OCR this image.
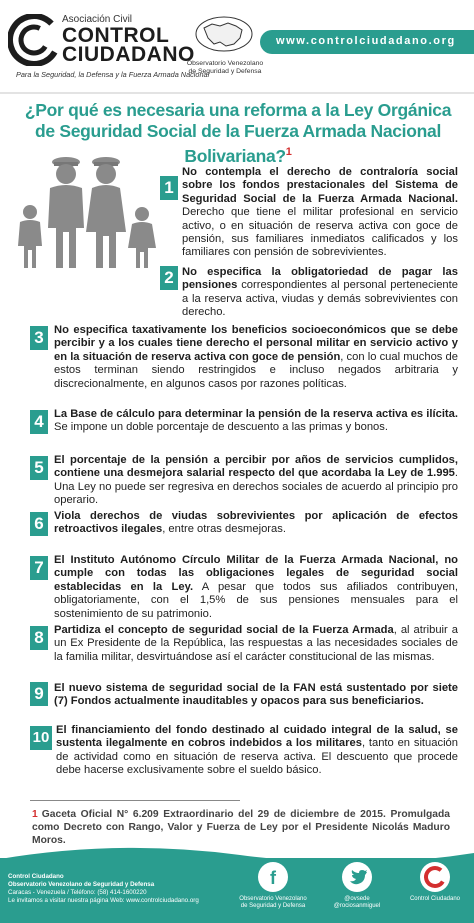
Asociación Civil
CONTROL
CIUDADANO
Para la Seguridad, la Defensa y la Fuerza Armada Nacional
Observatorio Venezolano
de Seguridad y Defensa
www.controlciudadano.org
¿Por qué es necesaria una reforma a la Ley Orgánica
de Seguridad Social de la Fuerza Armada Nacional Bolivariana?$^1$
1
No contempla el derecho de contraloría social sobre los fondos prestacionales del Sistema de Seguridad Social de la Fuerza Armada Nacional. Derecho que tiene el militar profesional en servicio activo, o en situación de reserva activa con goce de pensión, sus familiares inmediatos calificados y los familiares con pensión de sobrevivientes.
2 No especifica la obligatoriedad de pagar las pensiones correspondientes al personal perteneciente a la reserva activa, viudas y demás sobrevivientes con derecho.
3 No especifica taxativamente los beneficios socioeconómicos que se debe percibir y a los cuales tiene derecho el personal militar en servicio activo y en la situación de reserva activa con goce de pensión, con lo cual muchos de estos terminan siendo restringidos e incluso negados arbitraria y discrecionalmente, en algunos casos por razones políticas.
4 La Base de cálculo para determinar la pensión de la reserva activa es ilícita. Se impone un doble porcentaje de descuento a las primas y bonos.
5 El porcentaje de la pensión a percibir por años de servicios cumplidos, contiene una desmejora salarial respecto del que acordaba la Ley de 1.995. Una Ley no puede ser regresiva en derechos sociales de acuerdo al principio pro operario.
6 Viola derechos de viudas sobrevivientes por aplicación de efectos retroactivos ilegales, entre otras desmejoras.
7 El Instituto Autónomo Círculo Militar de la Fuerza Armada Nacional, no cumple con todas las obligaciones legales de seguridad social establecidas en la Ley. A pesar que todos sus afiliados contribuyen, obligatoriamente, con el 1,5% de sus pensiones mensuales para el sostenimiento de su patrimonio.
8 Partidiza el concepto de seguridad social de la Fuerza Armada, al atribuir a un Ex Presidente de la República, las respuestas a las necesidades sociales de la familia militar, desvirtuándose así el carácter constitucional de las mismas.
9 El nuevo sistema de seguridad social de la FAN está sustentado por siete (7) Fondos actualmente inauditables y opacos para sus beneficiarios.
10 El financiamiento del fondo destinado al cuidado integral de la salud, se sustenta ilegalmente en cobros indebidos a los militares, tanto en situación de actividad como en situación de reserva activa. El descuento que procede debe hacerse exclusivamente sobre el sueldo básico.
1 Gaceta Oficial N° 6.209 Extraordinario del 29 de diciembre de 2015. Promulgada como Decreto con Rango, Valor y Fuerza de Ley por el Presidente Nicolás Maduro Moros.
Control Ciudadano
Observatorio Venezolano de Seguridad y Defensa
Caracas - Venezuela / Teléfono: (58) 414-1600220
Le invitamos a visitar nuestra página Web: www.controlciudadano.org
f
Observatorio Venezolano
de Seguridad y Defensa
@ovsede
@rociosanmiguel
Control Ciudadano
